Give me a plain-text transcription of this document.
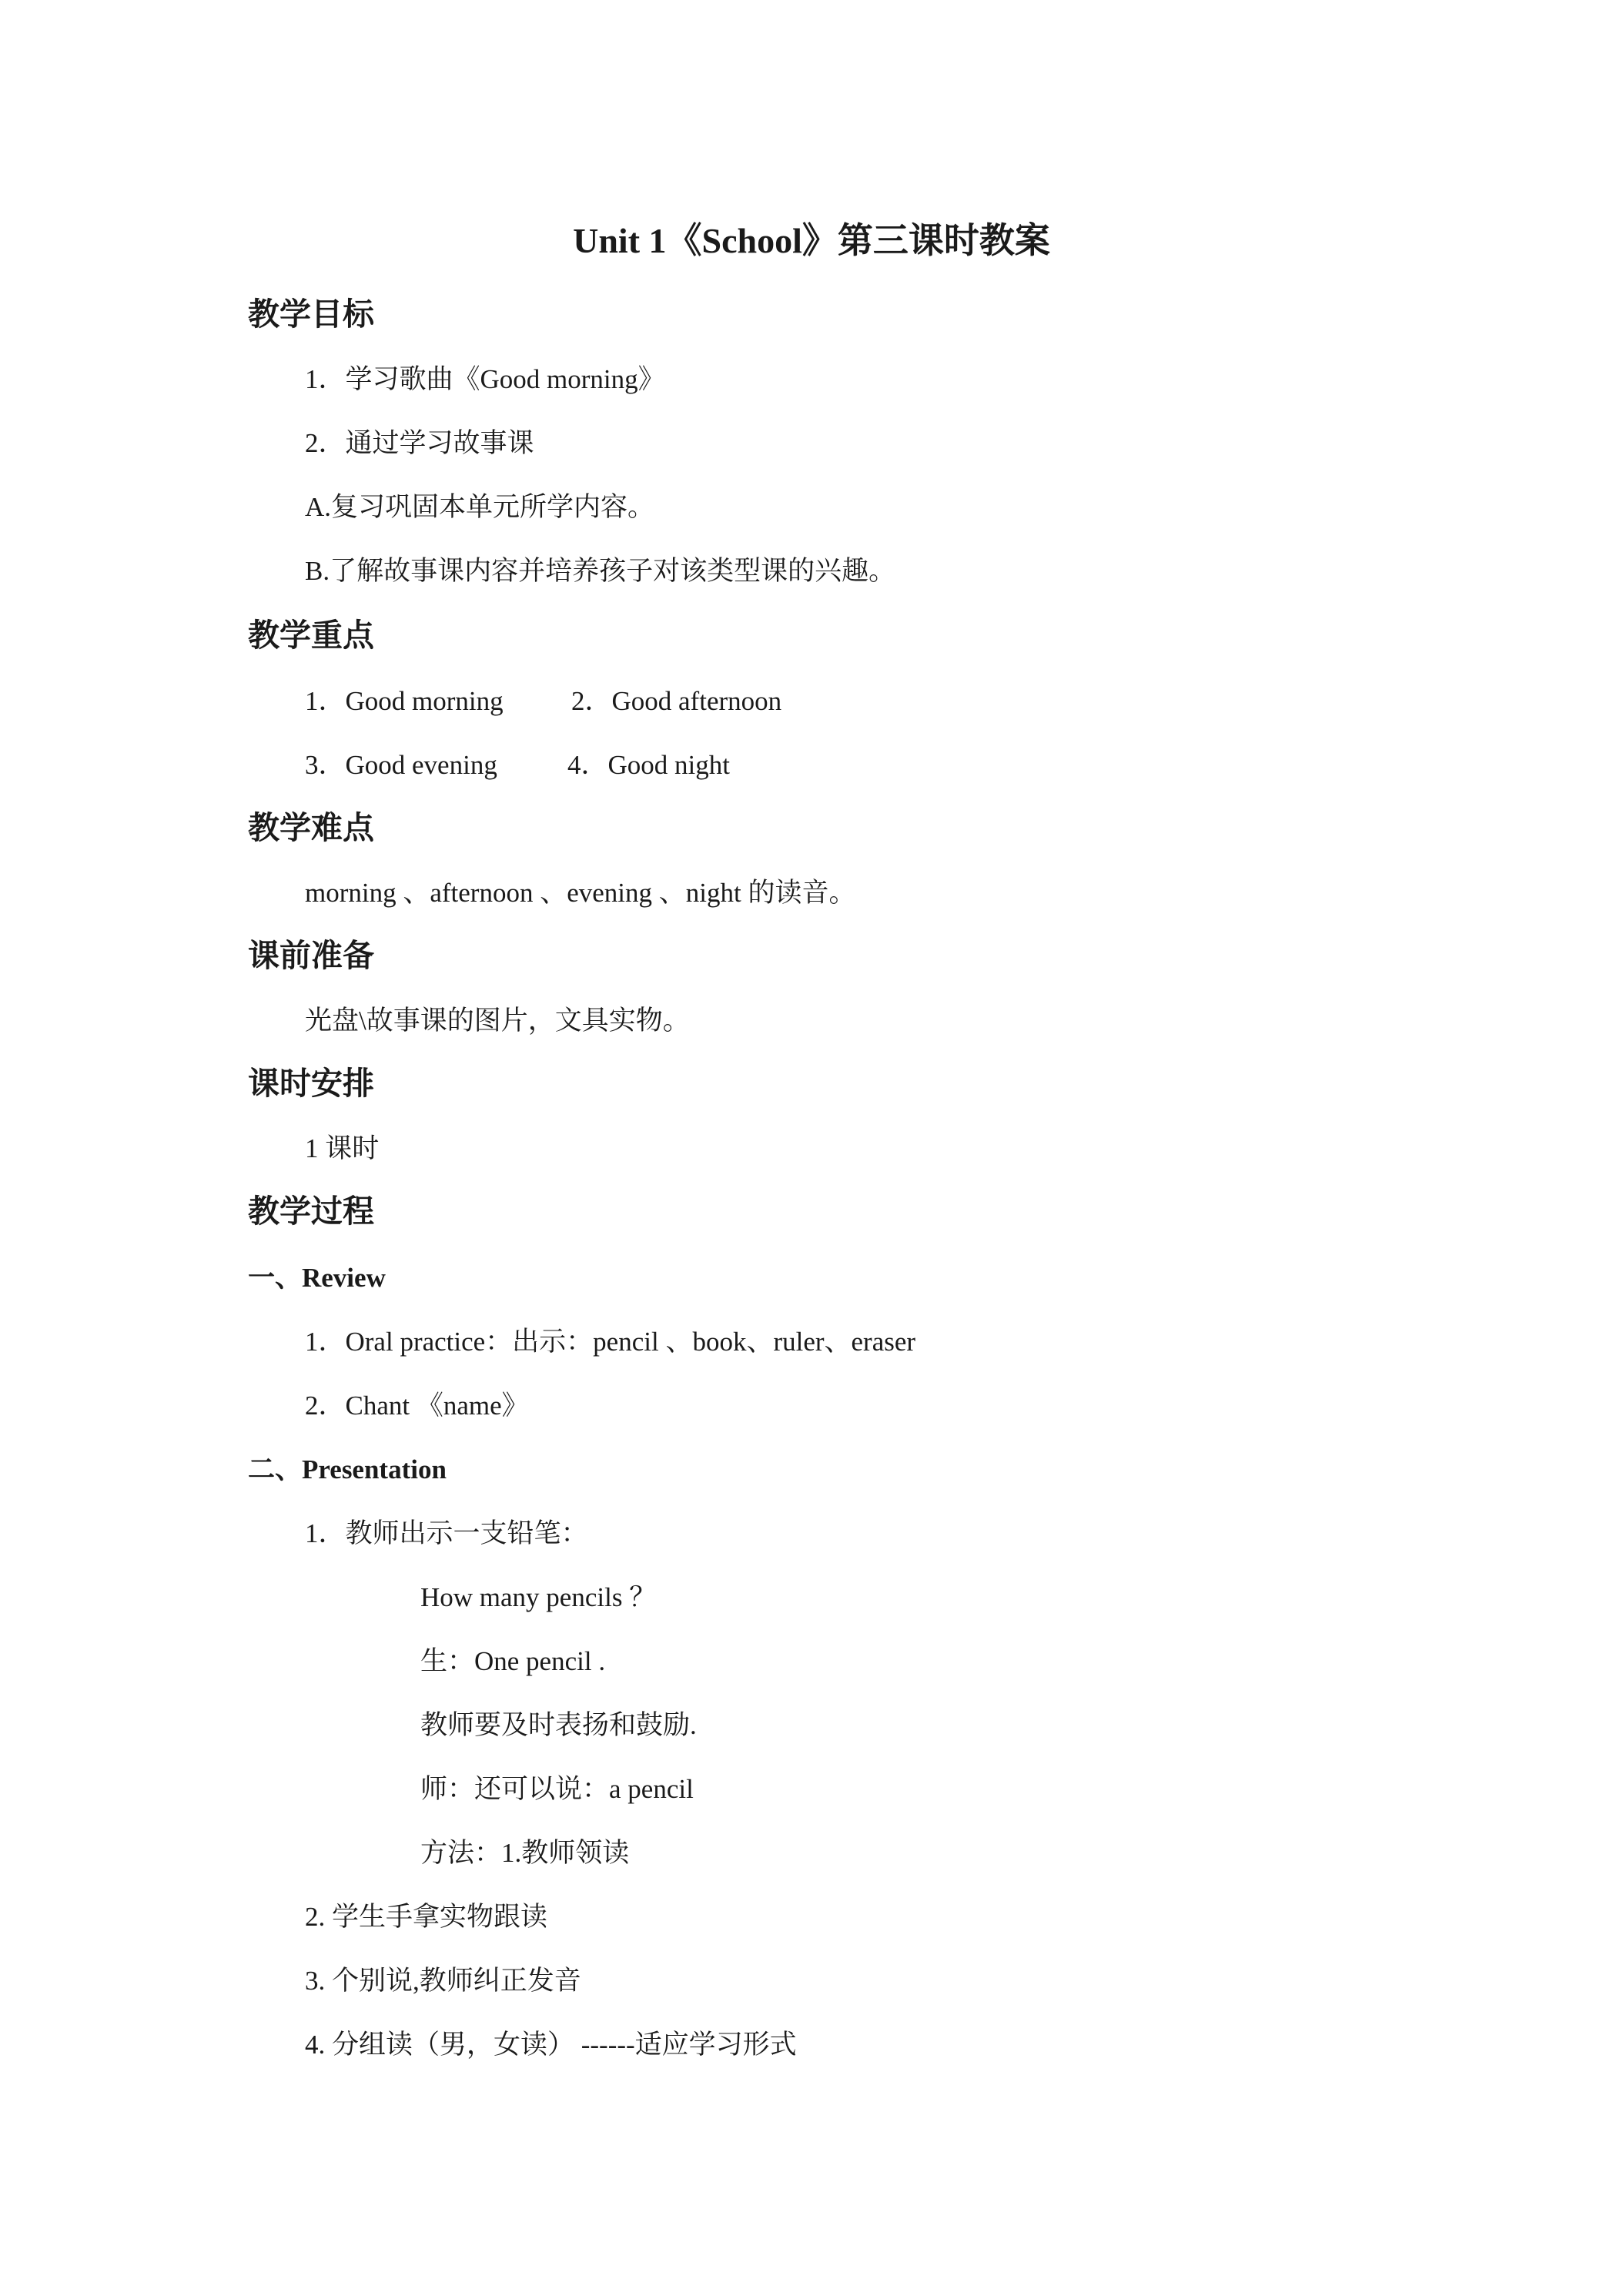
Unit 1《School》第三课时教案
教学目标
1．学习歌曲《Good morning》
2．通过学习故事课
A.复习巩固本单元所学内容。
B.了解故事课内容并培养孩子对该类型课的兴趣。
教学重点
1．Good morning	2．Good afternoon
3．Good evening	4．Good night
教学难点
morning 、afternoon 、evening 、night 的读音。
课前准备
光盘\故事课的图片，文具实物。
课时安排
1 课时
教学过程
一、Review
1．Oral practice：出示：pencil 、book、ruler、eraser
2．Chant 《name》
二、Presentation
1．教师出示一支铅笔：
How many pencils ？
生：One pencil .
教师要及时表扬和鼓励.
师：还可以说：a pencil
方法：1.教师领读
2. 学生手拿实物跟读
3. 个别说,教师纠正发音
4. 分组读（男，女读） ------适应学习形式
